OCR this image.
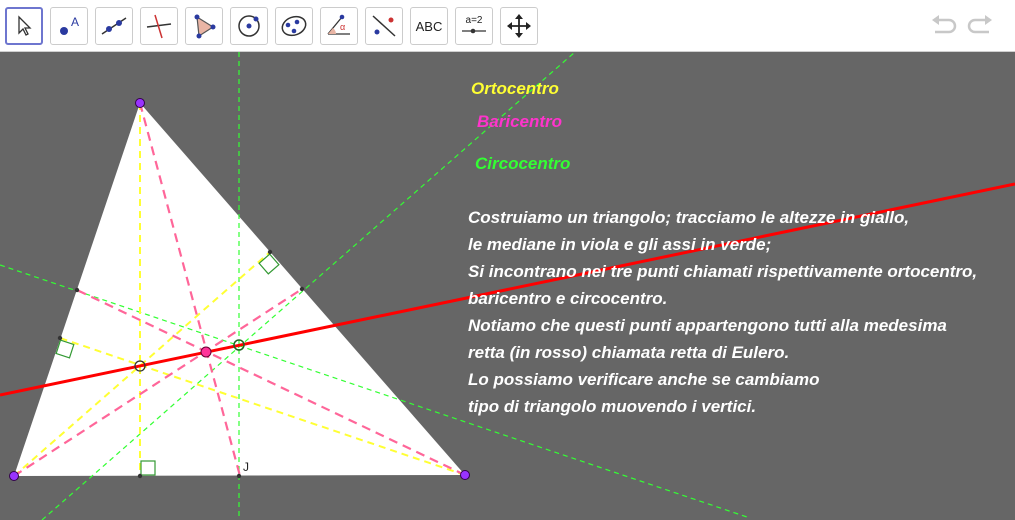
A	α	ABC a=2
J
Ortocentro
Baricentro
Circocentro
Costruiamo un triangolo; tracciamo le altezze in giallo,
le mediane in viola e gli assi in verde;
Si incontrano nei tre punti chiamati rispettivamente ortocentro,
baricentro e circocentro.
Notiamo che questi punti appartengono tutti alla medesima
retta (in rosso) chiamata retta di Eulero.
Lo possiamo verificare anche se cambiamo
tipo di triangolo muovendo i vertici.
